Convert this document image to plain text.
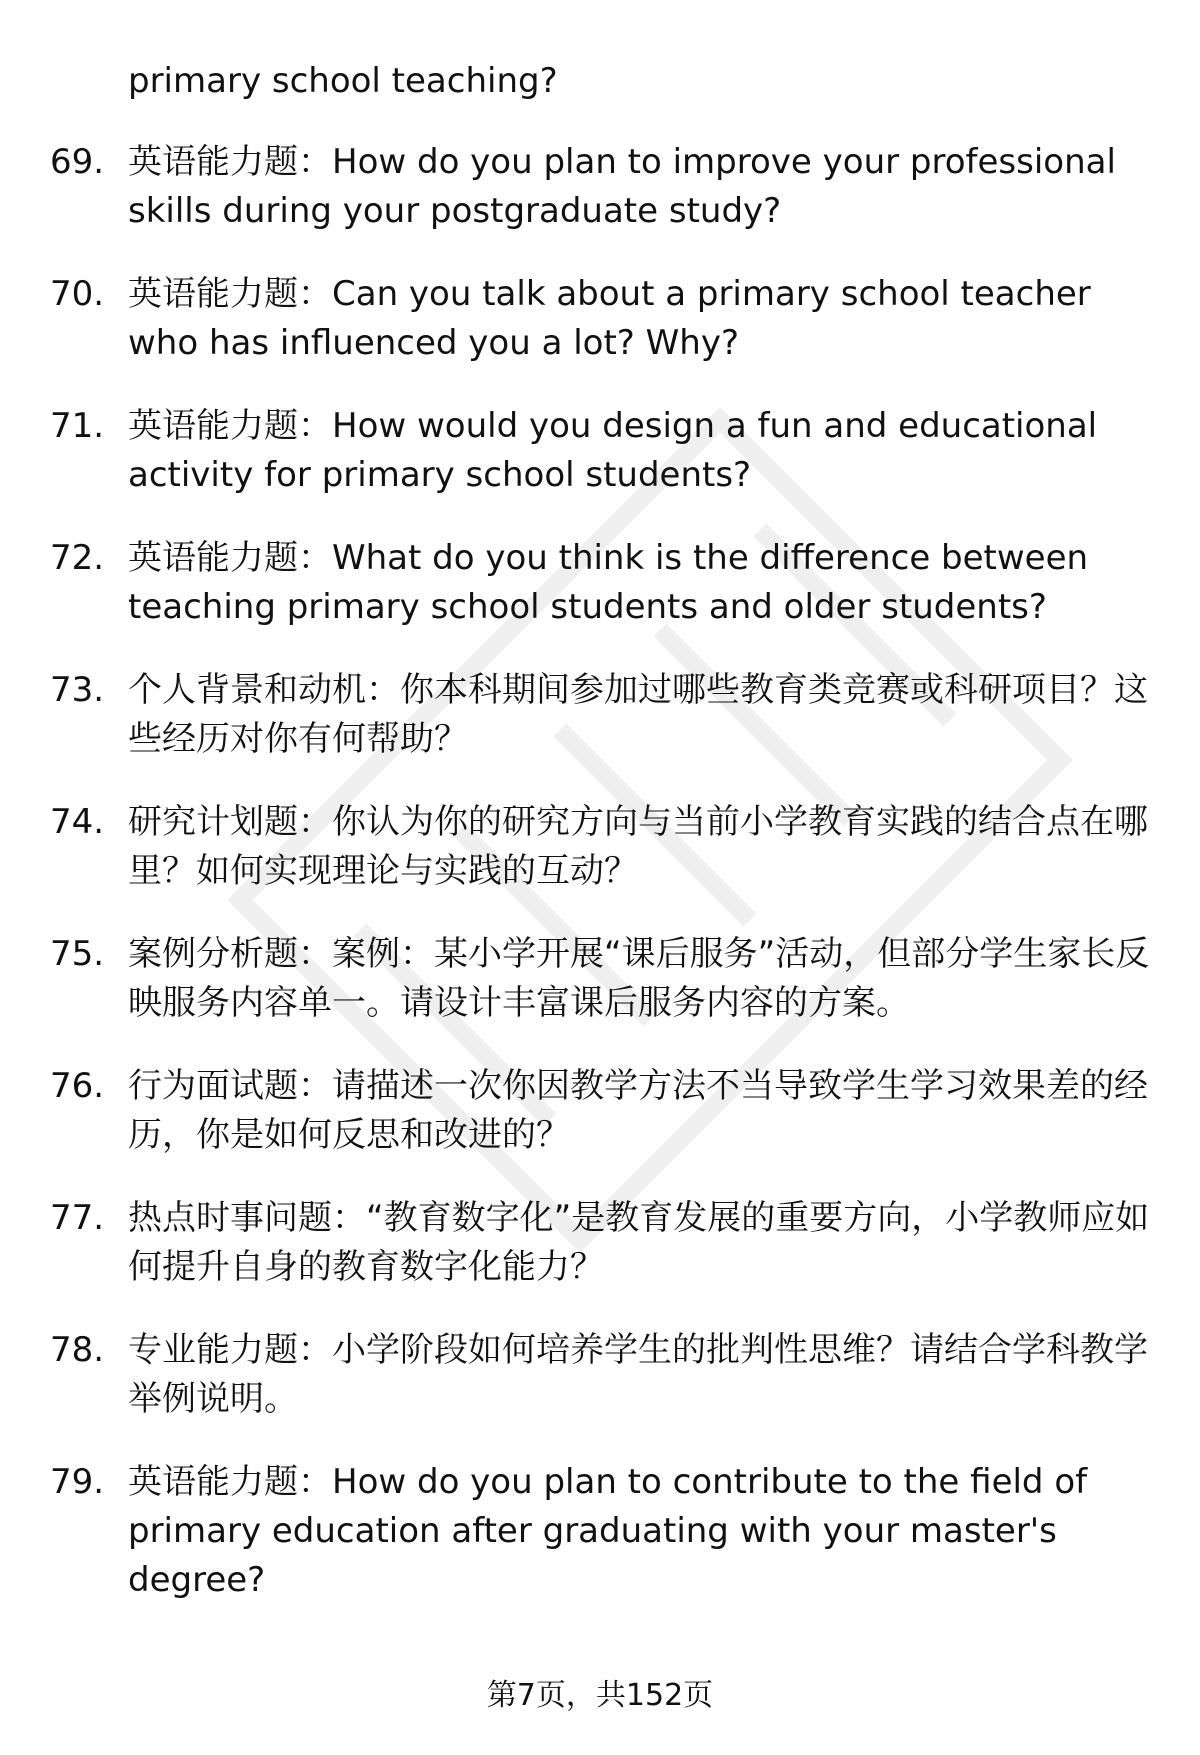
primary school teaching?
69. 英语能力题：How do you plan to improve your professional skills during your postgraduate study?
70. 英语能力题：Can you talk about a primary school teacher who has influenced you a lot? Why?
71. 英语能力题：How would you design a fun and educational activity for primary school students?
72. 英语能力题：What do you think is the difference between teaching primary school students and older students?
73. 个人背景和动机：你本科期间参加过哪些教育类竞赛或科研项目？这些经历对你有何帮助？
74. 研究计划题：你认为你的研究方向与当前小学教育实践的结合点在哪里？如何实现理论与实践的互动？
75. 案例分析题：案例：某小学开展“课后服务”活动，但部分学生家长反映服务内容单一。请设计丰富课后服务内容的方案。
76. 行为面试题：请描述一次你因教学方法不当导致学生学习效果差的经历，你是如何反思和改进的？
77. 热点时事问题：“教育数字化”是教育发展的重要方向，小学教师应如何提升自身的教育数字化能力？
78. 专业能力题：小学阶段如何培养学生的批判性思维？请结合学科教学举例说明。
79. 英语能力题：How do you plan to contribute to the field of primary education after graduating with your master's degree?
第7页，共152页
